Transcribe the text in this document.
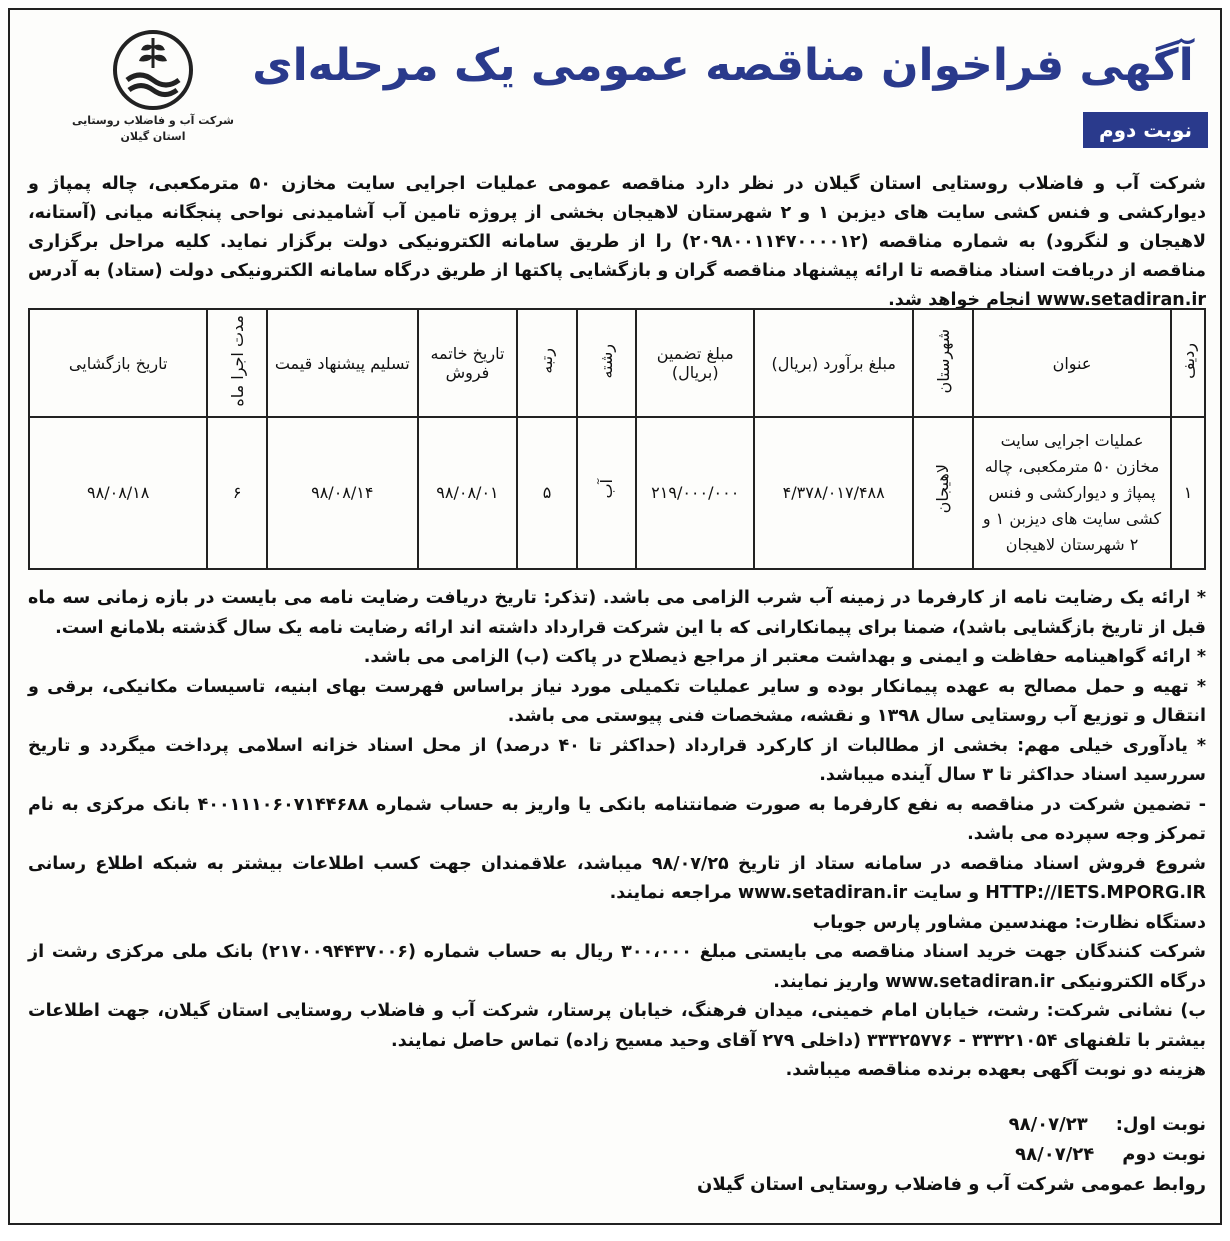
شرکت آب و فاضلاب روستایی
استان گیلان
آگهی فراخوان مناقصه عمومی یک مرحله‌ای
نوبت دوم
شرکت آب و فاضلاب روستایی استان گیلان در نظر دارد مناقصه عمومی عملیات اجرایی سایت مخازن ۵۰ مترمکعبی، چاله پمپاژ و دیوارکشی و فنس کشی سایت های دیزبن ۱ و ۲ شهرستان لاهیجان بخشی از پروژه تامین آب آشامیدنی نواحی پنجگانه میانی (آستانه، لاهیجان و لنگرود) به شماره مناقصه (۲۰۹۸۰۰۱۱۴۷۰۰۰۰۱۲) را از طریق سامانه الکترونیکی دولت برگزار نماید. کلیه مراحل برگزاری مناقصه از دریافت اسناد مناقصه تا ارائه پیشنهاد مناقصه گران و بازگشایی پاکتها از طریق درگاه سامانه الکترونیکی دولت (ستاد) به آدرس www.setadiran.ir انجام خواهد شد.
ردیف	عنوان	شهرستان	مبلغ برآورد (بریال)	مبلغ تضمین (بریال)	رشته	رتبه	تاریخ خاتمه فروش	تسلیم پیشنهاد قیمت	مدت اجرا ماه	تاریخ بازگشایی
۱	عملیات اجرایی سایت مخازن ۵۰ مترمکعبی، چاله پمپاژ و دیوارکشی و فنس کشی سایت های دیزبن ۱ و ۲ شهرستان لاهیجان	لاهیجان	۴/۳۷۸/۰۱۷/۴۸۸	۲۱۹/۰۰۰/۰۰۰	آب	۵	۹۸/۰۸/۰۱	۹۸/۰۸/۱۴	۶	۹۸/۰۸/۱۸

* ارائه یک رضایت نامه از کارفرما در زمینه آب شرب الزامی می باشد. (تذکر: تاریخ دریافت رضایت نامه می بایست در بازه زمانی سه ماه قبل از تاریخ بازگشایی باشد)، ضمنا برای پیمانکارانی که با این شرکت قرارداد داشته اند ارائه رضایت نامه یک سال گذشته بلامانع است.

* ارائه گواهینامه حفاظت و ایمنی و بهداشت معتبر از مراجع ذیصلاح در پاکت (ب) الزامی می باشد.

* تهیه و حمل مصالح به عهده پیمانکار بوده و سایر عملیات تکمیلی مورد نیاز براساس فهرست بهای ابنیه، تاسیسات مکانیکی، برقی و انتقال و توزیع آب روستایی سال ۱۳۹۸ و نقشه، مشخصات فنی پیوستی می باشد.

* یادآوری خیلی مهم: بخشی از مطالبات از کارکرد قرارداد (حداکثر تا ۴۰ درصد) از محل اسناد خزانه اسلامی پرداخت میگردد و تاریخ سررسید اسناد حداکثر تا ۳ سال آینده میباشد.

- تضمین شرکت در مناقصه به نفع کارفرما به صورت ضمانتنامه بانکی یا واریز به حساب شماره ۴۰۰۱۱۱۰۶۰۷۱۴۴۶۸۸ بانک مرکزی به نام تمرکز وجه سپرده می باشد.

شروع فروش اسناد مناقصه در سامانه ستاد از تاریخ ۹۸/۰۷/۲۵ میباشد، علاقمندان جهت کسب اطلاعات بیشتر به شبکه اطلاع رسانی HTTP://IETS.MPORG.IR و سایت www.setadiran.ir مراجعه نمایند.

دستگاه نظارت: مهندسین مشاور پارس جویاب

شرکت کنندگان جهت خرید اسناد مناقصه می بایستی مبلغ ۳۰۰،۰۰۰ ریال به حساب شماره (۲۱۷۰۰۹۴۴۳۷۰۰۶) بانک ملی مرکزی رشت از درگاه الکترونیکی www.setadiran.ir واریز نمایند.

ب) نشانی شرکت: رشت، خیابان امام خمینی، میدان فرهنگ، خیابان پرستار، شرکت آب و فاضلاب روستایی استان گیلان، جهت اطلاعات بیشتر با تلفنهای ۳۳۳۲۱۰۵۴ - ۳۳۳۲۵۷۷۶ (داخلی ۲۷۹ آقای وحید مسیح زاده) تماس حاصل نمایند.

هزینه دو نوبت آگهی بعهده برنده مناقصه میباشد.

نوبت اول:
۹۸/۰۷/۲۳
نوبت دوم
۹۸/۰۷/۲۴
روابط عمومی شرکت آب و فاضلاب روستایی استان گیلان
